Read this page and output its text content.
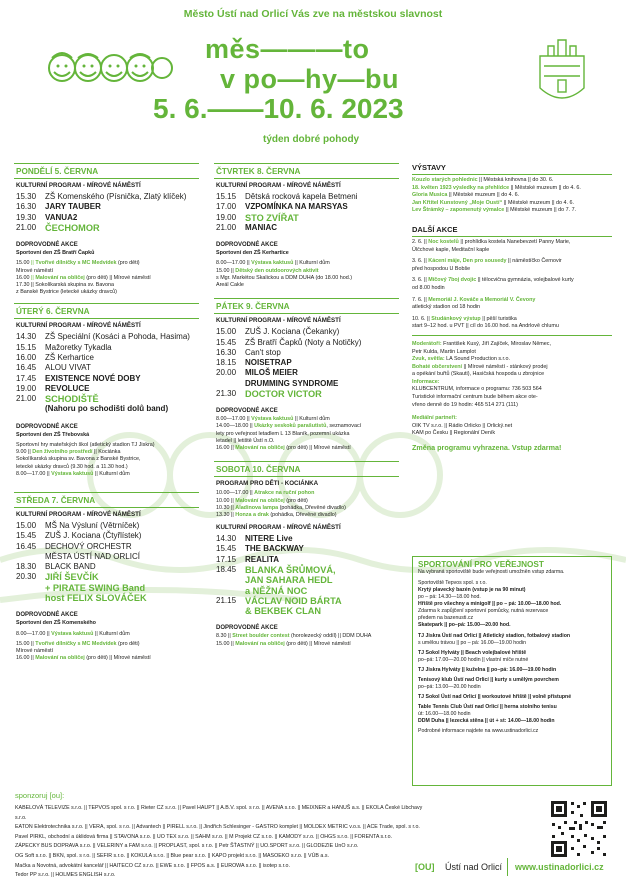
Město Ústí nad Orlicí Vás zve na městskou slavnost
měs———to
v po—hy—bu
5. 6.——10. 6. 2023
týden dobré pohody
PONDĚLÍ 5. ČERVNA
KULTURNÍ PROGRAM - MÍROVÉ NÁMĚSTÍ
15.30	ZŠ Komenského (Písnička, Zlatý klíček)
16.30	JARY TAUBER
19.30	VANUA2
21.00 ČECHOMOR
DOPROVODNÉ AKCE
Sportovní den ZŠ Bratří Čapků
15.00 || Tvořivé dílničky s MC Medvídek (pro děti)
Mírové náměstí
16.00 || Malování na obličej (pro děti) || Mírové náměstí
17.30 || Sokolíkarská skupina sv. Bavona
z Banské Bystrice (letecké ukázky dravců)
ÚTERÝ 6. ČERVNA
KULTURNÍ PROGRAM - MÍROVÉ NÁMĚSTÍ
14.30	ZŠ Speciální (Kosáci a Pohoda, Hasima)
15.15	Mažoretky Tykadla
16.00	ZŠ Kerhartice
16.45	ALOU VIVAT
17.45	EXISTENCE NOVÉ DOBY
19.00	REVOLUCE
21.00 SCHODIŠTĚ
(Nahoru po schodišti dolů band)
DOPROVODNÉ AKCE
Sportovní den ZŠ Třebovská
Sportovní hry mateřských škol (atletický stadion TJ Jiskra)
9.00 || Den životního prostředí || Kociánka
Sokolíkarská skupina sv. Bavona z Banské Bystrice,
letecké ukázky dravců (9.30 hod. a 11.30 hod.)
8.00—17.00 || Výstava kaktusů || Kulturní dům
STŘEDA 7. ČERVNA
KULTURNÍ PROGRAM - MÍROVÉ NÁMĚSTÍ
15.00	MŠ Na Výsluní (Větrníček)
15.45	ZUŠ J. Kociana (Čtyřlístek)
16.45	DECHOVÝ ORCHESTR
MĚSTA ÚSTÍ NAD ORLICÍ
18.30	BLACK BAND
20.30 JIŘÍ ŠEVČÍK
+ PIRATE SWING Band
host FELIX SLOVÁČEK
DOPROVODNÉ AKCE
Sportovní den ZŠ Komenského
8.00—17.00 || Výstava kaktusů || Kulturní dům
15.00 || Tvořivé dílničky s MC Medvídek (pro děti)
Mírové náměstí
16.00 || Malování na obličej (pro děti) || Mírové náměstí
ČTVRTEK 8. ČERVNA
KULTURNÍ PROGRAM - MÍROVÉ NÁMĚSTÍ
15.15	Dětská rocková kapela Betmeni
17.00	VZPOMÍNKA NA MARSYAS
19.00 STO ZVÍŘAT
21.00	MANIAC
DOPROVODNÉ AKCE
Sportovní den ZŠ Kerhartice
8.00—17.00 || Výstava kaktusů || Kulturní dům
15.00 || Dětský den outdoorových aktivit
s Mgr. Markétou Skalickou a DDM DUHA (do 18.00 hod.)
Areál Cakle
PÁTEK 9. ČERVNA
KULTURNÍ PROGRAM - MÍROVÉ NÁMĚSTÍ
15.00	ZUŠ J. Kociana (Čekanky)
15.45	ZŠ Bratří Čapků (Noty a Notičky)
16.30	Can't stop
18.15	NOISETRAP
20.00	MILOŠ MEIER
DRUMMING SYNDROME
21.30 DOCTOR VICTOR
DOPROVODNÉ AKCE
8.00—17.00 || Výstava kaktusů || Kulturní dům
14.00—18.00 || Ukázky seskoků parašutistů, seznamovací
lety pro veřejnost letadlem L 13 Blaník, pozemní ukázka
letadel || letiště Ústí n.O.
16.00 || Malování na obličej (pro děti) || Mírové náměstí
SOBOTA 10. ČERVNA
PROGRAM PRO DĚTI - KOCIÁNKA
10.00—17.00 || Atrakce na ruční pohon
10.00 || Malování na obličej (pro děti)
10.30 || Aladinova lampa (pohádka, Dřevěné divadlo)
13.30 || Honza a drak (pohádka, Dřevěné divadlo)
KULTURNÍ PROGRAM - MÍROVÉ NÁMĚSTÍ
14.30	NITERE Live
15.45	THE BACKWAY
17.15	REALITA
18.45 BLANKA ŠRŮMOVÁ,
JAN SAHARA HEDL
a NĚŽNÁ NOC
21.15 VÁCLAV NOID BÁRTA
& BEKBEK CLAN
DOPROVODNÉ AKCE
8.30 || Street boulder contest (horolezecký oddíl) || DDM DUHA
15.00 || Malování na obličej (pro děti) || Mírové náměstí
VÝSTAVY
Kouzlo starých pohlednic || Městská knihovna || do 30. 6.
18. květen 1923 výsledky na přehlídce || Městské muzeum || do 4. 6.
Gloria Musica || Městské muzeum || do 4. 6.
Jan Křtitel Kunstovný „Moje Oustí“ || Městské muzeum || do 4. 6.
Lev Štrámký – zapomenutý výmalce || Městské muzeum || do 7. 7.
DALŠÍ AKCE
2. 6. || Noc kostelů || prohlídka kostela Nanebevzetí Panny Marie,
Úlčchové kaple, Meditační kaple
3. 6. || Kácení máje, Den pro sousedy || náměstíčko Černovir
před hospodou U Bobše
3. 6. || Míčový 7boj dvojic || tělocvična gymnázia, volejbalové kurty
od 8.00 hodin
7. 6. || Memoriál J. Kováče a Memoriál V. Čevony
atletický stadion od 18 hodin
10. 6. || Studánkový výstup || pěší turistika
start 9–12 hod. u PVT || cíl do 16.00 hod. na Andrlově chlumu
Moderátoři: František Kusý, Jiří Zajíček, Miroslav Němec,
Petr Kulda, Martin Lamplot
Zvuk, světla: LA Sound Production s.r.o.
Bohaté občerstvení || Mírové náměstí - stánkový prodej
a opékání buřtů (Skauti), Hasičská hospoda u zbrojnice
Informace:
KLUBCENTRUM, informace o programu: 736 503 564
Turistické informační centrum bude během akce ote-
vřeno denně do 19 hodin: 465 514 271 (111)
Mediální partneři:
OIK TV s.r.o. || Rádio Orlicko || Orlický.net
KAM po Česku || Regionální Deník
Změna programu vyhrazena. Vstup zdarma!
SPORTOVÁNÍ PRO VEŘEJNOST
Na vybraná sportoviště bude veřejnosti umožněn vstup zdarma.
Sportoviště Tepvos spol. s r.o.
Krytý plavecký bazén (vstup je na 90 minut)
po – pá: 14.30—18.00 hod.
Hřiště pro všechny a minigolf || po – pá: 10.00—18.00 hod.
Zdarma k zapůjčení sportovní pomůcky, nutná rezervace
předem na bazenusti.cz
Skatepark || po–pá: 15.00—20.00 hod.
TJ Jiskra Ústí nad Orlicí || Atletický stadion, fotbalový stadion
s umělou trávou || po – pá: 16.00—19.00 hodin
TJ Sokol Hylváty || Beach volejbalové hřiště
po–pá: 17.00—20.00 hodin || vlastní míče nutné
TJ Jiskra Hylváty || kuželna || po–pá: 16.00—19.00 hodin
Tenisový klub Ústí nad Orlicí || kurty s umělým povrchem
po–pá: 13.00—20.00 hodin
TJ Sokol Ústí nad Orlicí || workoutové hřiště || volně přístupné
Table Tennis Club Ústí nad Orlicí || herna stolního tenisu
út: 16.00—18.00 hodin
DDM Duha || lezecká stěna || út + st: 14.00—18.00 hodin
Podrobné informace najdete na www.ustinadorlici.cz
sponzoruj [ou]:
KABELOVÁ TELEVIZE s.r.o. || TEPVOS spol. s r.o. || Rieter CZ s.r.o. || Pavel HAUPT || A.B.V. spol. s r.o. || AVENA s.r.o. || MEIXNER a HANUŠ a.s. || EKOLA České Libchavy s.r.o.
EATON Elektrotechnika s.r.o. || VERA, spol. s r.o. || Advantech || PIRELL s.r.o. || Jindřich Schlesinger - GASTRO komplet || MOLDEX METRIC v.o.s. || ACE Trade, spol. s r.o.
Pavel PIRKL, obchodní a úklidová firma || STAVONA s.r.o. || UO TEX s.r.o. || SAHM s.r.o. || M Projekt CZ s.r.o. || KAMODY s.r.o. || OHGS s.r.o. || FORENTA s.r.o.
ZÁPECKY BUS DOPRAVA s.r.o. || VELERINY a FAM s.r.o. || PROPLAST, spol. s r.o. || Petr ŠŤASTNÝ || UO.SPORT s.r.o. || GLODEZIE UnO s.r.o.
OG Soft s.r.o. || BKN, spol. s r.o. || SEFIR s.r.o. || KOKULA s.r.o. || Blue pear s.r.o. || KAPO projekt s.r.o. || MASOEKO s.r.o. || VÚB a.s.
Mačka a Novotná, advokátní kancelář || HAITECO CZ s.r.o. || EWE s.r.o. || FPOS a.s. || EUROWA s.r.o. || isotep s.r.o.
Tedor PP s.r.o. || HOLMES ENGLISH s.r.o.
[OU] Ústí nad Orlicí www.ustinadorlici.cz
